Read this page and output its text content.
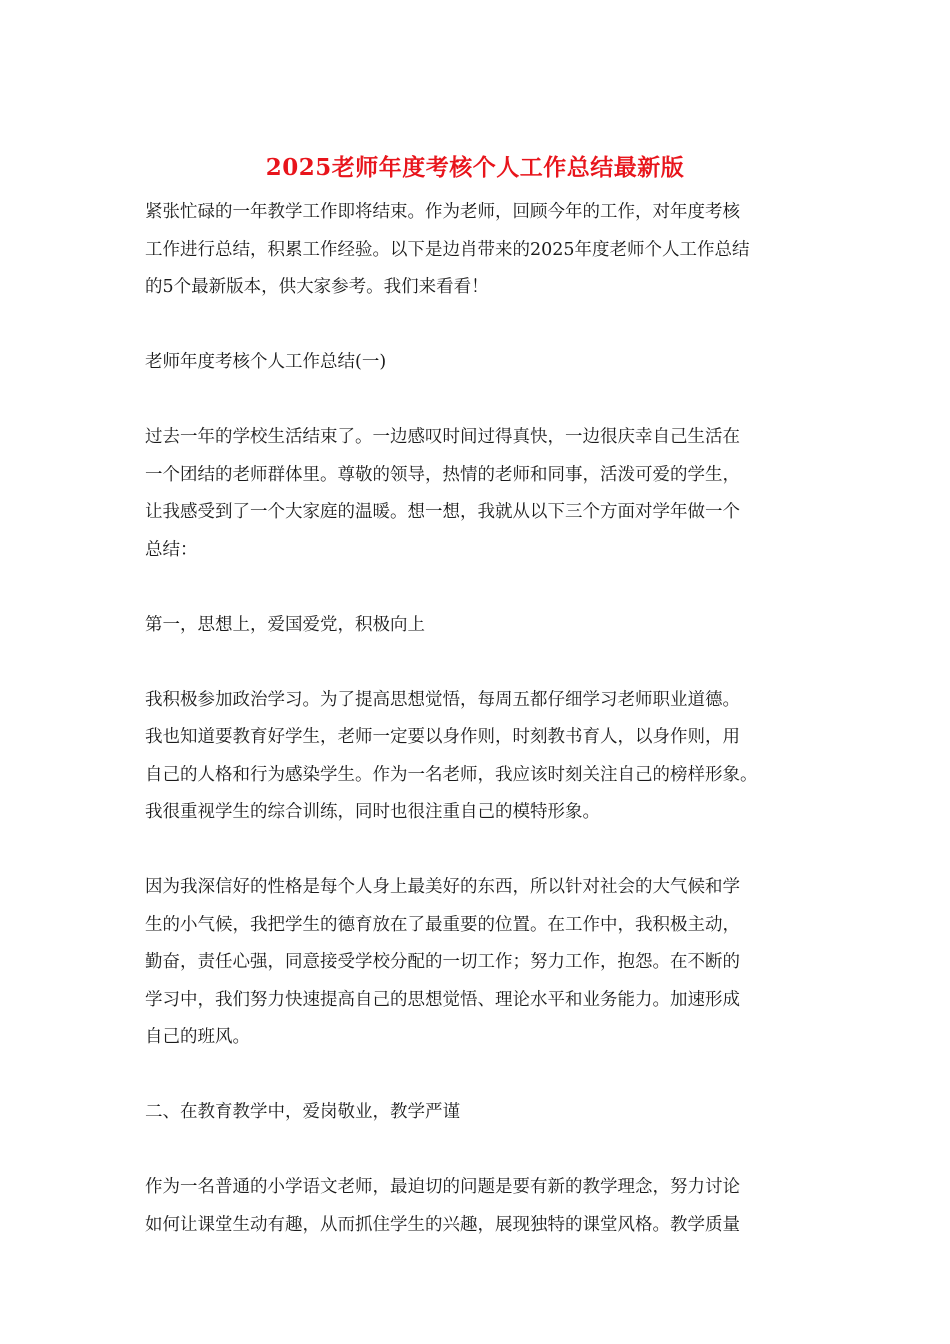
2025老师年度考核个人工作总结最新版
紧张忙碌的一年教学工作即将结束。作为老师，回顾今年的工作，对年度考核
工作进行总结，积累工作经验。以下是边肖带来的2025年度老师个人工作总结
的5个最新版本，供大家参考。我们来看看！
老师年度考核个人工作总结(一)
过去一年的学校生活结束了。一边感叹时间过得真快，一边很庆幸自己生活在
一个团结的老师群体里。尊敬的领导，热情的老师和同事，活泼可爱的学生，
让我感受到了一个大家庭的温暖。想一想，我就从以下三个方面对学年做一个
总结：
第一，思想上，爱国爱党，积极向上
我积极参加政治学习。为了提高思想觉悟，每周五都仔细学习老师职业道德。
我也知道要教育好学生，老师一定要以身作则，时刻教书育人，以身作则，用
自己的人格和行为感染学生。作为一名老师，我应该时刻关注自己的榜样形象。
我很重视学生的综合训练，同时也很注重自己的模特形象。
因为我深信好的性格是每个人身上最美好的东西，所以针对社会的大气候和学
生的小气候，我把学生的德育放在了最重要的位置。在工作中，我积极主动，
勤奋，责任心强，同意接受学校分配的一切工作；努力工作，抱怨。在不断的
学习中，我们努力快速提高自己的思想觉悟、理论水平和业务能力。加速形成
自己的班风。
二、在教育教学中，爱岗敬业，教学严谨
作为一名普通的小学语文老师，最迫切的问题是要有新的教学理念，努力讨论
如何让课堂生动有趣，从而抓住学生的兴趣，展现独特的课堂风格。教学质量
